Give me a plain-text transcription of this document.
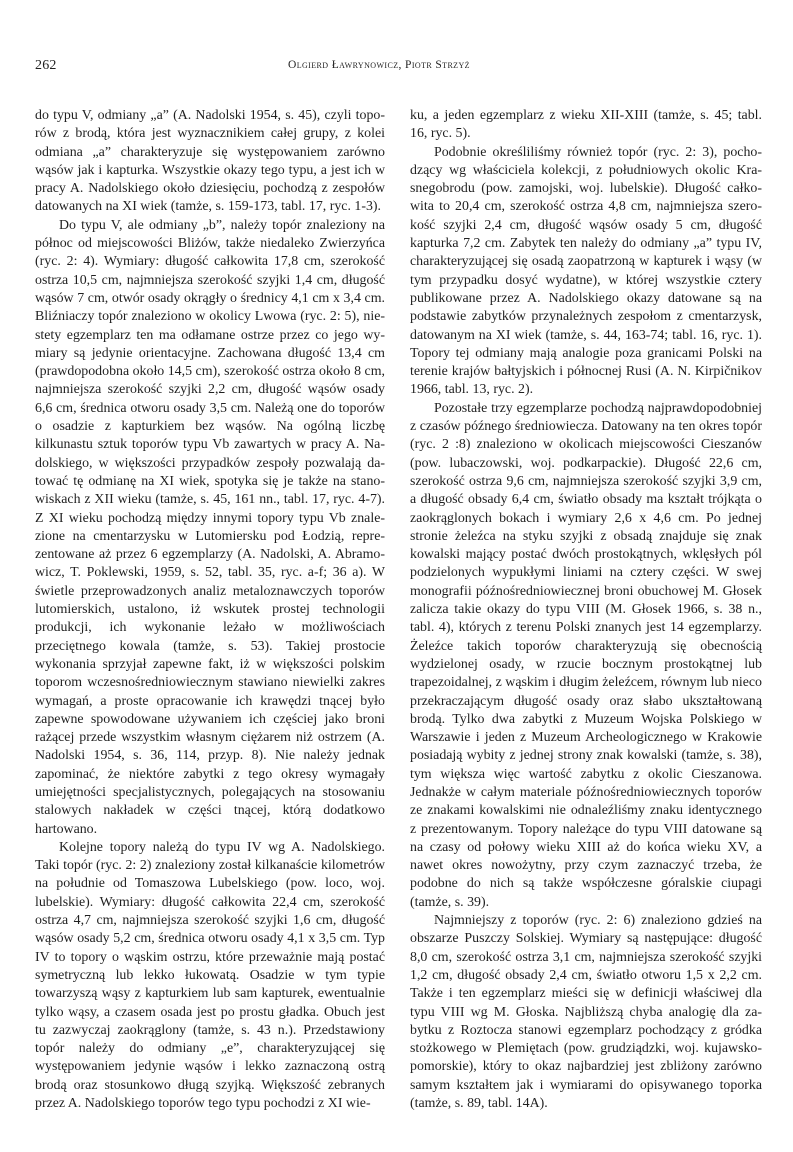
262	Olgierd Ławrynowicz, Piotr Strzyż

do typu V, odmiany „a” (A. Nadolski 1954, s. 45), czyli toporów z brodą, która jest wyznacznikiem całej grupy, z kolei odmiana „a” charakteryzuje się występowaniem zarówno wąsów jak i kapturka. Wszystkie okazy tego typu, a jest ich w pracy A. Nadolskiego około dziesięciu, pochodzą z zespołów datowanych na XI wiek (tamże, s. 159-173, tabl. 17, ryc. 1-3).

Do typu V, ale odmiany „b”, należy topór znaleziony na północ od miejscowości Bliżów, także niedaleko Zwierzyńca (ryc. 2: 4). Wymiary: długość całkowita 17,8 cm, szerokość ostrza 10,5 cm, najmniejsza szerokość szyjki 1,4 cm, długość wąsów 7 cm, otwór osady okrągły o średnicy 4,1 cm x 3,4 cm. Bliźniaczy topór znaleziono w okolicy Lwowa (ryc. 2: 5), niestety egzemplarz ten ma odłamane ostrze przez co jego wymiary są jedynie orientacyjne. Zachowana długość 13,4 cm (prawdopodobna około 14,5 cm), szerokość ostrza około 8 cm, najmniejsza szerokość szyjki 2,2 cm, długość wąsów osady 6,6 cm, średnica otworu osady 3,5 cm. Należą one do toporów o osadzie z kapturkiem bez wąsów. Na ogólną liczbę kilkunastu sztuk toporów typu Vb zawartych w pracy A. Nadolskiego, w większości przypadków zespoły pozwalają datować tę odmianę na XI wiek, spotyka się je także na stanowiskach z XII wieku (tamże, s. 45, 161 nn., tabl. 17, ryc. 4-7). Z XI wieku pochodzą między innymi topory typu Vb znalezione na cmentarzysku w Lutomiersku pod Łodzią, reprezentowane aż przez 6 egzemplarzy (A. Nadolski, A. Abramowicz, T. Poklewski, 1959, s. 52, tabl. 35, ryc. a-f; 36 a). W świetle przeprowadzonych analiz metaloznawczych toporów lutomierskich, ustalono, iż wskutek prostej technologii produkcji, ich wykonanie leżało w możliwościach przeciętnego kowala (tamże, s. 53). Takiej prostocie wykonania sprzyjał zapewne fakt, iż w większości polskim toporom wczesnośredniowiecznym stawiano niewielki zakres wymagań, a proste opracowanie ich krawędzi tnącej było zapewne spowodowane używaniem ich częściej jako broni rażącej przede wszystkim własnym ciężarem niż ostrzem (A. Nadolski 1954, s. 36, 114, przyp. 8). Nie należy jednak zapominać, że niektóre zabytki z tego okresy wymagały umiejętności specjalistycznych, polegających na stosowaniu stalowych nakładek w części tnącej, którą dodatkowo hartowano.

Kolejne topory należą do typu IV wg A. Nadolskiego. Taki topór (ryc. 2: 2) znaleziony został kilkanaście kilometrów na południe od Tomaszowa Lubelskiego (pow. loco, woj. lubelskie). Wymiary: długość całkowita 22,4 cm, szerokość ostrza 4,7 cm, najmniejsza szerokość szyjki 1,6 cm, długość wąsów osady 5,2 cm, średnica otworu osady 4,1 x 3,5 cm. Typ IV to topory o wąskim ostrzu, które przeważnie mają postać symetryczną lub lekko łukowatą. Osadzie w tym typie towarzyszą wąsy z kapturkiem lub sam kapturek, ewentualnie tylko wąsy, a czasem osada jest po prostu gładka. Obuch jest tu zazwyczaj zaokrąglony (tamże, s. 43 n.). Przedstawiony topór należy do odmiany „e”, charakteryzującej się występowaniem jedynie wąsów i lekko zaznaczoną ostrą brodą oraz stosunkowo długą szyjką. Większość zebranych przez A. Nadolskiego toporów tego typu pochodzi z XI wie-

ku, a jeden egzemplarz z wieku XII-XIII (tamże, s. 45; tabl. 16, ryc. 5).

Podobnie określiliśmy również topór (ryc. 2: 3), pochodzący wg właściciela kolekcji, z południowych okolic Krasnegobrodu (pow. zamojski, woj. lubelskie). Długość całkowita to 20,4 cm, szerokość ostrza 4,8 cm, najmniejsza szerokość szyjki 2,4 cm, długość wąsów osady 5 cm, długość kapturka 7,2 cm. Zabytek ten należy do odmiany „a” typu IV, charakteryzującej się osadą zaopatrzoną w kapturek i wąsy (w tym przypadku dosyć wydatne), w której wszystkie cztery publikowane przez A. Nadolskiego okazy datowane są na podstawie zabytków przynależnych zespołom z cmentarzysk, datowanym na XI wiek (tamże, s. 44, 163-74; tabl. 16, ryc. 1). Topory tej odmiany mają analogie poza granicami Polski na terenie krajów bałtyjskich i północnej Rusi (A. N. Kirpičnikov 1966, tabl. 13, ryc. 2).

Pozostałe trzy egzemplarze pochodzą najprawdopodobniej z czasów późnego średniowiecza. Datowany na ten okres topór (ryc. 2 :8) znaleziono w okolicach miejscowości Cieszanów (pow. lubaczowski, woj. podkarpackie). Długość 22,6 cm, szerokość ostrza 9,6 cm, najmniejsza szerokość szyjki 3,9 cm, a długość obsady 6,4 cm, światło obsady ma kształt trójkąta o zaokrąglonych bokach i wymiary 2,6 x 4,6 cm. Po jednej stronie żeleźca na styku szyjki z obsadą znajduje się znak kowalski mający postać dwóch prostokątnych, wklęsłych pól podzielonych wypukłymi liniami na cztery części. W swej monografii późnośredniowiecznej broni obuchowej M. Głosek zalicza takie okazy do typu VIII (M. Głosek 1966, s. 38 n., tabl. 4), których z terenu Polski znanych jest 14 egzemplarzy. Żeleźce takich toporów charakteryzują się obecnością wydzielonej osady, w rzucie bocznym prostokątnej lub trapezoidalnej, z wąskim i długim żeleźcem, równym lub nieco przekraczającym długość osady oraz słabo ukształtowaną brodą. Tylko dwa zabytki z Muzeum Wojska Polskiego w Warszawie i jeden z Muzeum Archeologicznego w Krakowie posiadają wybity z jednej strony znak kowalski (tamże, s. 38), tym większa więc wartość zabytku z okolic Cieszanowa. Jednakże w całym materiale późnośredniowiecznych toporów ze znakami kowalskimi nie odnaleźliśmy znaku identycznego z prezentowanym. Topory należące do typu VIII datowane są na czasy od połowy wieku XIII aż do końca wieku XV, a nawet okres nowożytny, przy czym zaznaczyć trzeba, że podobne do nich są także współczesne góralskie ciupagi (tamże, s. 39).

Najmniejszy z toporów (ryc. 2: 6) znaleziono gdzieś na obszarze Puszczy Solskiej. Wymiary są następujące: długość 8,0 cm, szerokość ostrza 3,1 cm, najmniejsza szerokość szyjki 1,2 cm, długość obsady 2,4 cm, światło otworu 1,5 x 2,2 cm. Także i ten egzemplarz mieści się w definicji właściwej dla typu VIII wg M. Głoska. Najbliższą chyba analogię dla zabytku z Roztocza stanowi egzemplarz pochodzący z gródka stożkowego w Plemiętach (pow. grudziądzki, woj. kujawsko-pomorskie), który to okaz najbardziej jest zbliżony zarówno samym kształtem jak i wymiarami do opisywanego toporka (tamże, s. 89, tabl. 14A).
